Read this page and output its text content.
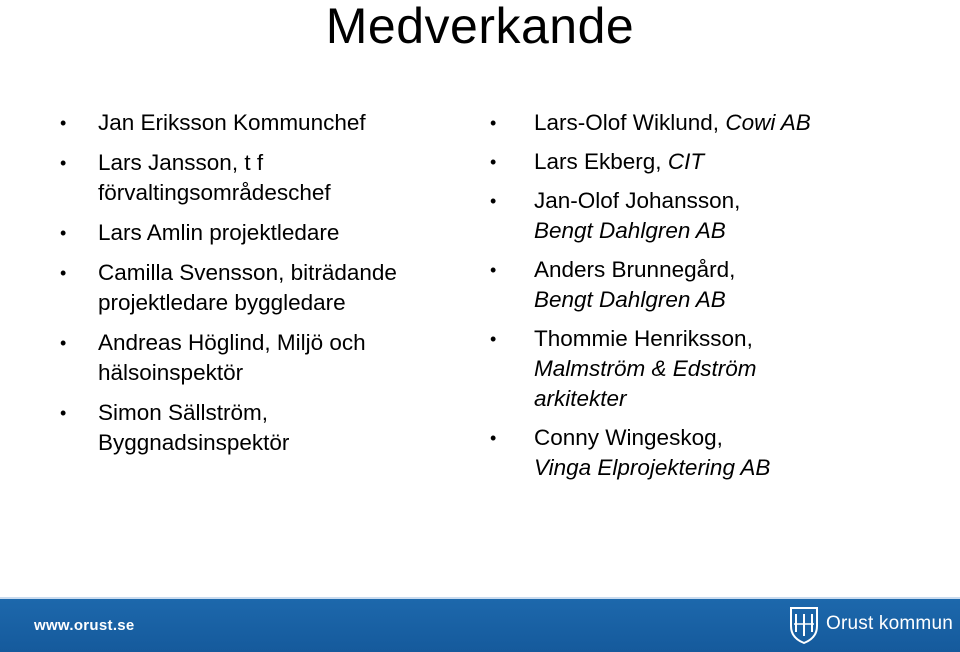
Medverkande
• Jan Eriksson Kommunchef
• Lars Jansson, t f
förvaltingsområdeschef
• Lars Amlin projektledare
• Camilla Svensson, biträdande
projektledare byggledare
• Andreas Höglind, Miljö och
hälsoinspektör
• Simon Sällström,
Byggnadsinspektör
• Lars-Olof Wiklund, Cowi AB
• Lars Ekberg, CIT
• Jan-Olof Johansson,
Bengt Dahlgren AB
• Anders Brunnegård,
Bengt Dahlgren AB
• Thommie Henriksson,
Malmström & Edström
arkitekter
• Conny Wingeskog,
Vinga Elprojektering AB
www.orust.se	Orust kommun
